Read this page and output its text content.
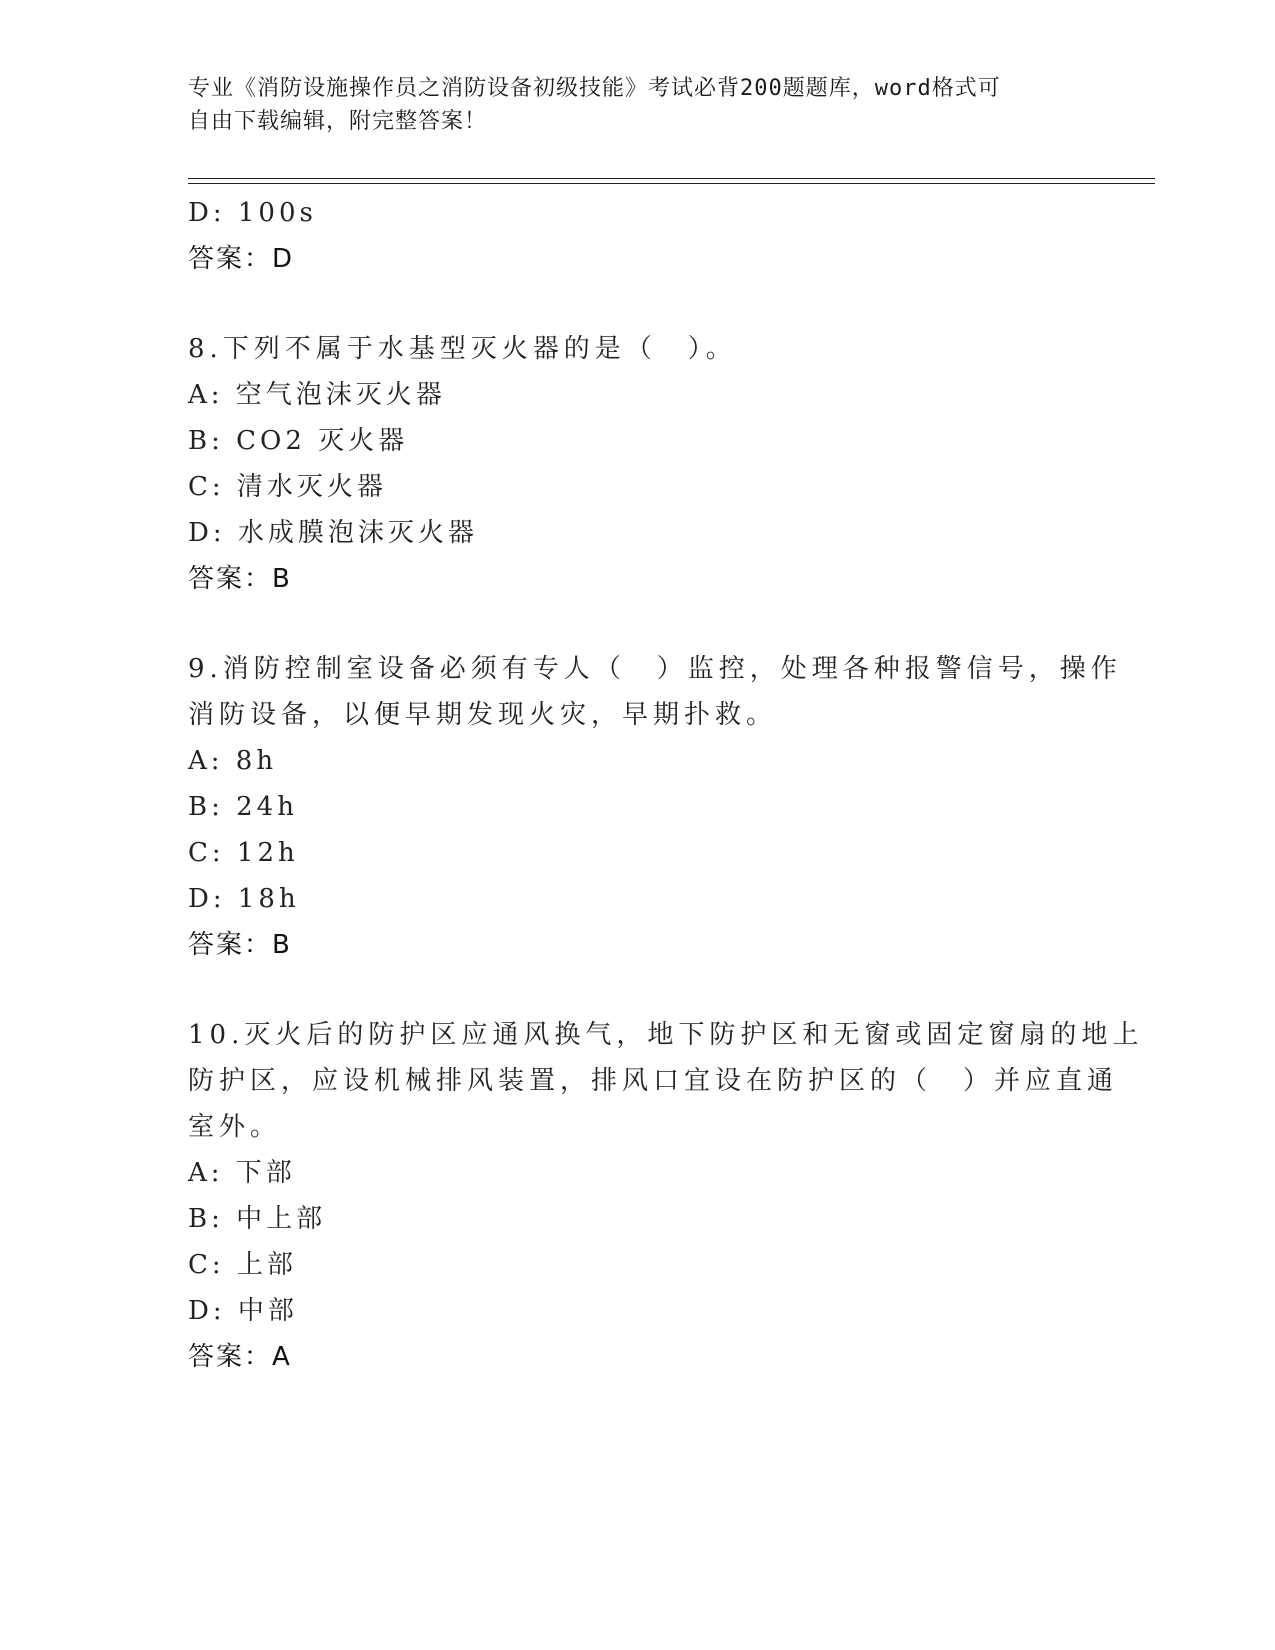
专业《消防设施操作员之消防设备初级技能》考试必背200题题库，word格式可
自由下载编辑，附完整答案！
D: 100s
答案：D
8.下列不属于水基型灭火器的是（　）。
A: 空气泡沫灭火器
B: CO2 灭火器
C: 清水灭火器
D: 水成膜泡沫灭火器
答案：B
9.消防控制室设备必须有专人（　）监控，处理各种报警信号，操作
消防设备，以便早期发现火灾，早期扑救。
A: 8h
B: 24h
C: 12h
D: 18h
答案：B
10.灭火后的防护区应通风换气，地下防护区和无窗或固定窗扇的地上
防护区，应设机械排风装置，排风口宜设在防护区的（　）并应直通
室外。
A: 下部
B: 中上部
C: 上部
D: 中部
答案：A
